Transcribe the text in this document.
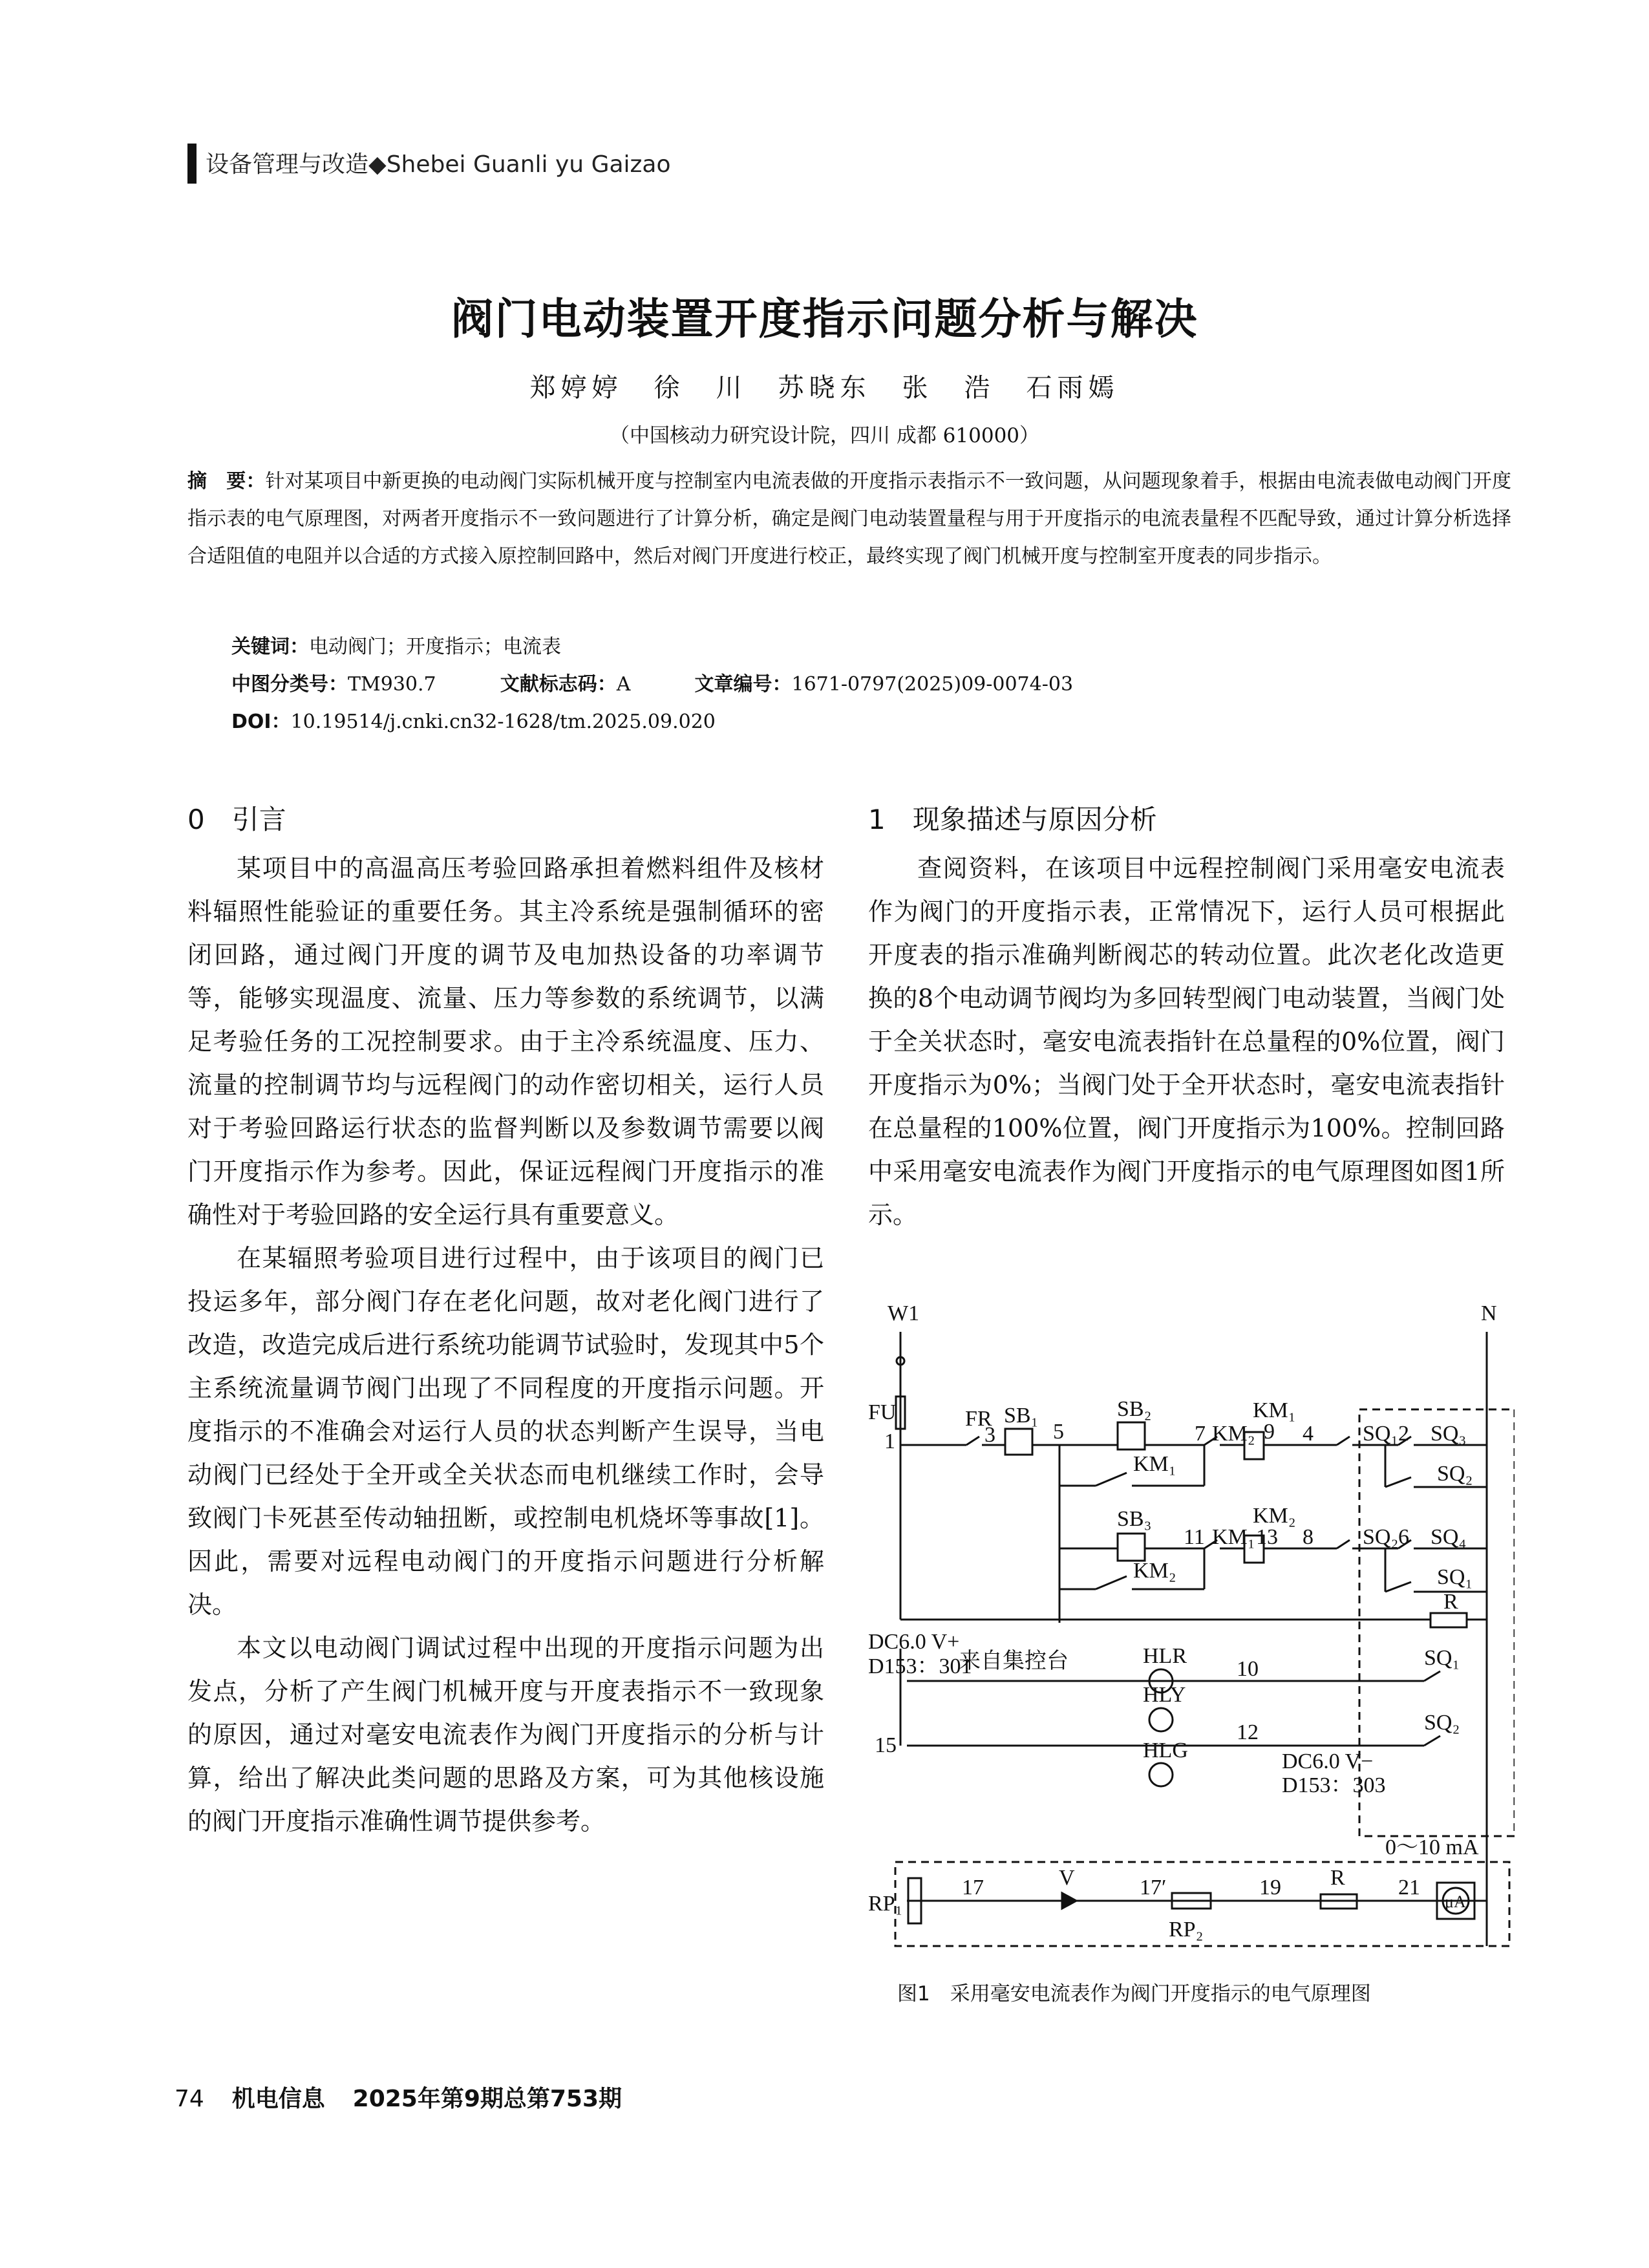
设备管理与改造◆Shebei Guanli yu Gaizao
阀门电动装置开度指示问题分析与解决
郑婷婷　徐　川　苏晓东　张　浩　石雨嫣
（中国核动力研究设计院，四川 成都 610000）
摘　要：针对某项目中新更换的电动阀门实际机械开度与控制室内电流表做的开度指示表指示不一致问题，从问题现象着手，根据由电流表做电动阀门开度指示表的电气原理图，对两者开度指示不一致问题进行了计算分析，确定是阀门电动装置量程与用于开度指示的电流表量程不匹配导致，通过计算分析选择合适阻值的电阻并以合适的方式接入原控制回路中，然后对阀门开度进行校正，最终实现了阀门机械开度与控制室开度表的同步指示。
关键词：电动阀门；开度指示；电流表
中图分类号：TM930.7	文献标志码：A	文章编号：1671-0797(2025)09-0074-03
DOI：10.19514/j.cnki.cn32-1628/tm.2025.09.020
0　引言

某项目中的高温高压考验回路承担着燃料组件及核材料辐照性能验证的重要任务。其主冷系统是强制循环的密闭回路，通过阀门开度的调节及电加热设备的功率调节等，能够实现温度、流量、压力等参数的系统调节，以满足考验任务的工况控制要求。由于主冷系统温度、压力、流量的控制调节均与远程阀门的动作密切相关，运行人员对于考验回路运行状态的监督判断以及参数调节需要以阀门开度指示作为参考。因此，保证远程阀门开度指示的准确性对于考验回路的安全运行具有重要意义。

在某辐照考验项目进行过程中，由于该项目的阀门已投运多年，部分阀门存在老化问题，故对老化阀门进行了改造，改造完成后进行系统功能调节试验时，发现其中5个主系统流量调节阀门出现了不同程度的开度指示问题。开度指示的不准确会对运行人员的状态判断产生误导，当电动阀门已经处于全开或全关状态而电机继续工作时，会导致阀门卡死甚至传动轴扭断，或控制电机烧坏等事故[1]。因此，需要对远程电动阀门的开度指示问题进行分析解决。

本文以电动阀门调试过程中出现的开度指示问题为出发点，分析了产生阀门机械开度与开度表指示不一致现象的原因，通过对毫安电流表作为阀门开度指示的分析与计算，给出了解决此类问题的思路及方案，可为其他核设施的阀门开度指示准确性调节提供参考。

1　现象描述与原因分析

查阅资料，在该项目中远程控制阀门采用毫安电流表作为阀门的开度指示表，正常情况下，运行人员可根据此开度表的指示准确判断阀芯的转动位置。此次老化改造更换的8个电动调节阀均为多回转型阀门电动装置，当阀门处于全关状态时，毫安电流表指针在总量程的0%位置，阀门开度指示为0%；当阀门处于全开状态时，毫安电流表指针在总量程的100%位置，阀门开度指示为100%。控制回路中采用毫安电流表作为阀门开度指示的电气原理图如图1所示。

W1	N
FU
1
FR
3
SB₁
5
SB₂
7 KM₂ 9
KM₁
4 SQ₁ 2 SQ₃
SQ₂
KM₁
SB₃	KM₂
11 KM₁ 13 8 SQ₂ 6 SQ₄
KM₂	SQ₁
R
DC6.0 V+
D153：301
来自集控台	HLR
10	SQ₁
HLY
12	SQ₂
15	HLG	DC6.0 V−
D153：303
0～10 mA
RP₁
17	V	17′
RP₂
19 R 21
μA
图1　采用毫安电流表作为阀门开度指示的电气原理图
74 机电信息 2025年第9期总第753期
